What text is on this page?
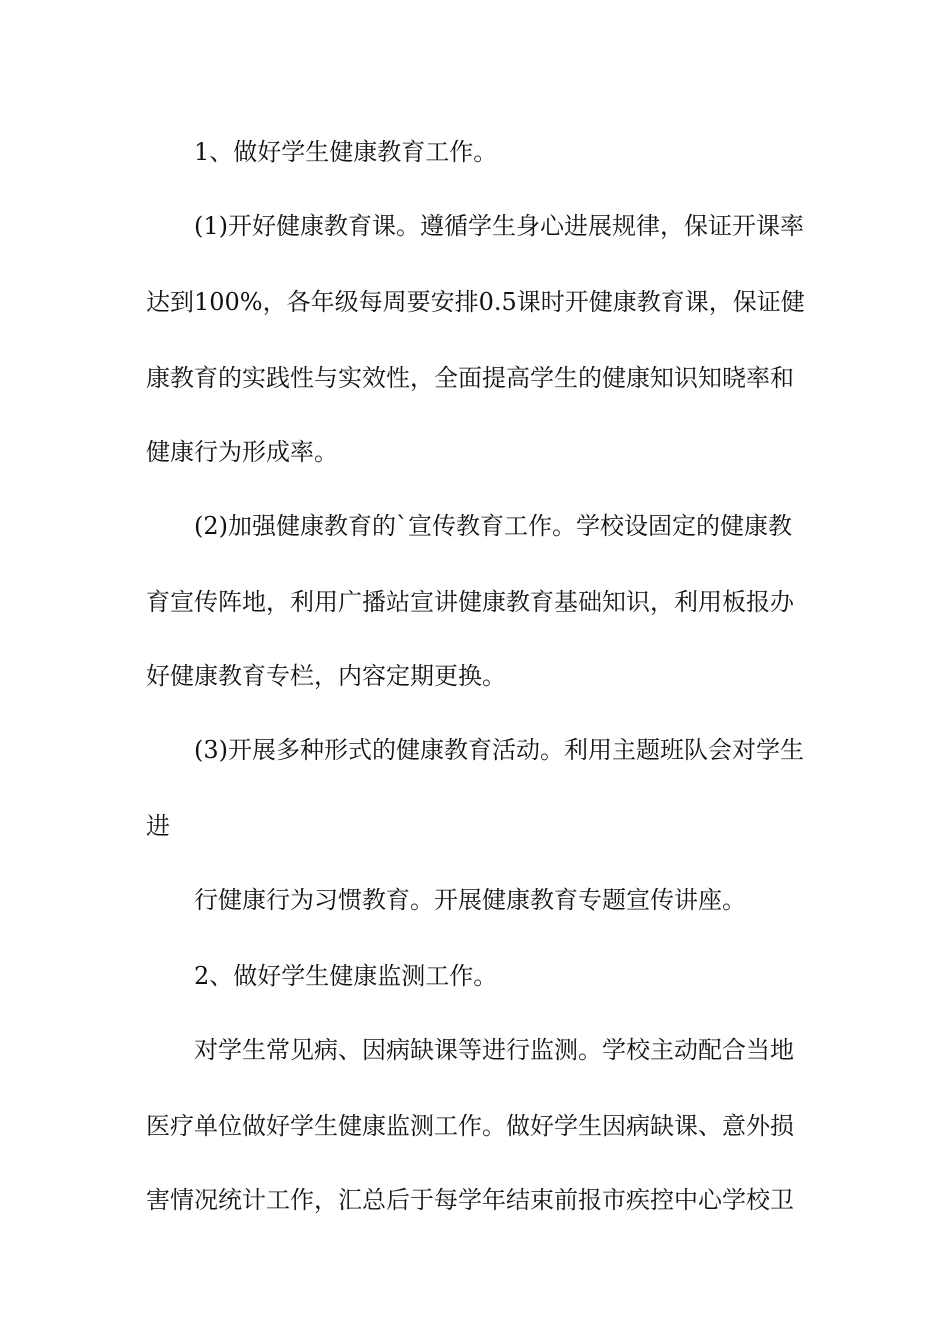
1、做好学生健康教育工作。
(1)开好健康教育课。遵循学生身心进展规律，保证开课率
达到100%，各年级每周要安排0.5课时开健康教育课，保证健
康教育的实践性与实效性，全面提高学生的健康知识知晓率和
健康行为形成率。
(2)加强健康教育的`宣传教育工作。学校设固定的健康教
育宣传阵地，利用广播站宣讲健康教育基础知识，利用板报办
好健康教育专栏，内容定期更换。
(3)开展多种形式的健康教育活动。利用主题班队会对学生
进
行健康行为习惯教育。开展健康教育专题宣传讲座。
2、做好学生健康监测工作。
对学生常见病、因病缺课等进行监测。学校主动配合当地
医疗单位做好学生健康监测工作。做好学生因病缺课、意外损
害情况统计工作，汇总后于每学年结束前报市疾控中心学校卫
